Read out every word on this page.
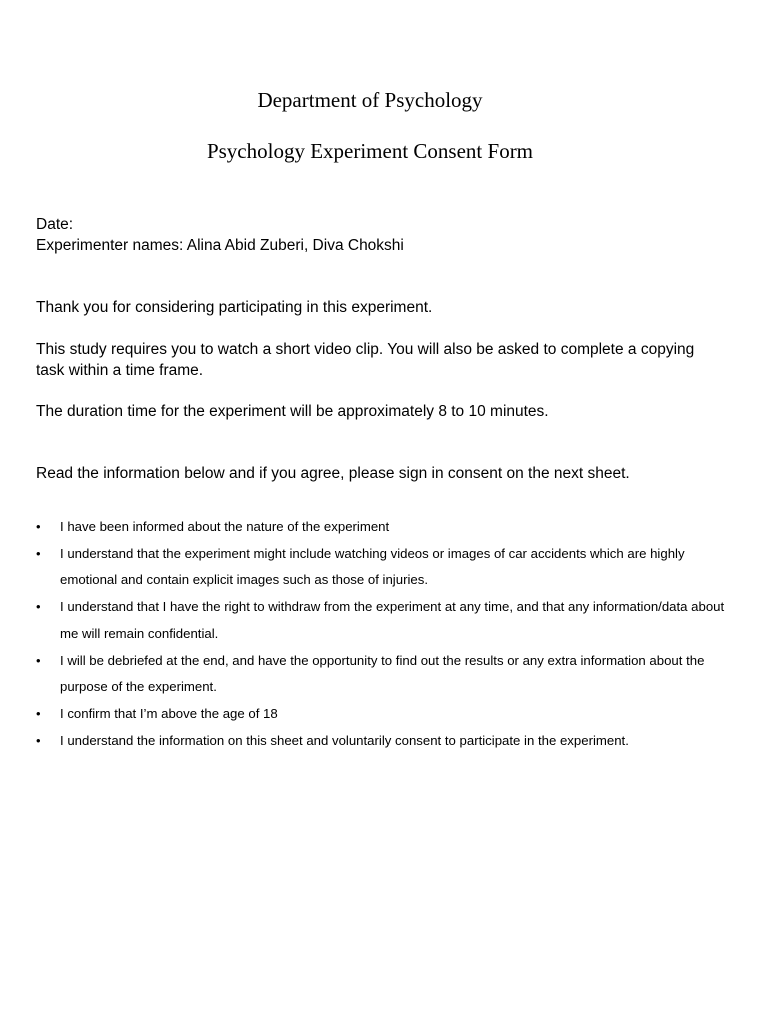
Department of Psychology
Psychology Experiment Consent Form

Date:

Experimenter names: Alina Abid Zuberi, Diva Chokshi

Thank you for considering participating in this experiment.

This study requires you to watch a short video clip. You will also be asked to complete a copying task within a time frame.

The duration time for the experiment will be approximately 8 to 10 minutes.

Read the information below and if you agree, please sign in consent on the next sheet.

• I have been informed about the nature of the experiment
• I understand that the experiment might include watching videos or images of car accidents which are highly emotional and contain explicit images such as those of injuries.
• I understand that I have the right to withdraw from the experiment at any time, and that any information/data about me will remain confidential.
• I will be debriefed at the end, and have the opportunity to find out the results or any extra information about the purpose of the experiment.
• I confirm that I’m above the age of 18
• I understand the information on this sheet and voluntarily consent to participate in the experiment.
